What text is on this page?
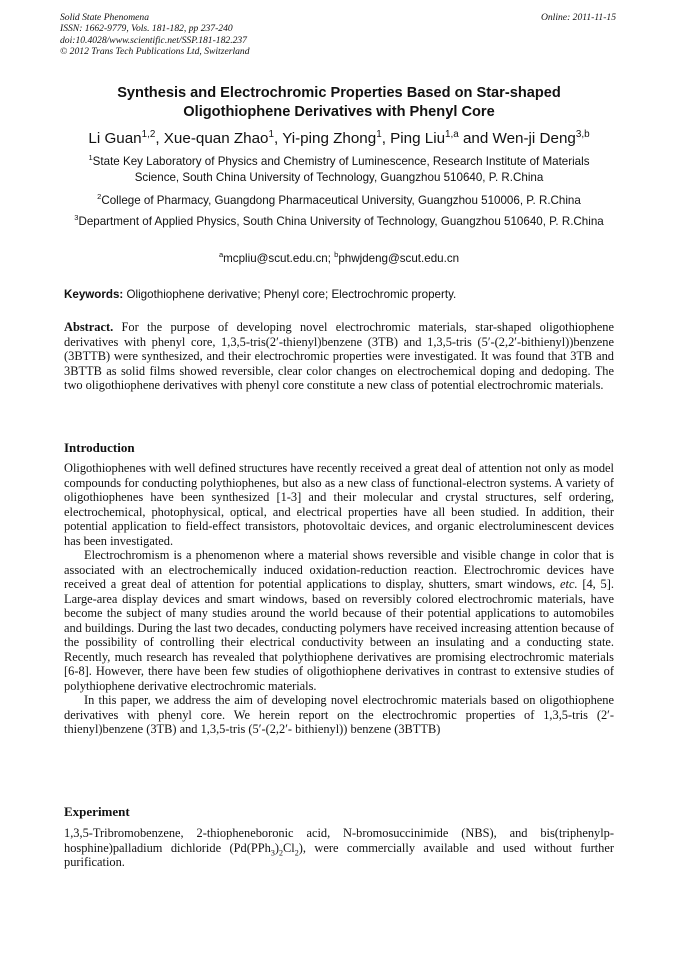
Solid State Phenomena
ISSN: 1662-9779, Vols. 181-182, pp 237-240
doi:10.4028/www.scientific.net/SSP.181-182.237
© 2012 Trans Tech Publications Ltd, Switzerland
Online: 2011-11-15
Synthesis and Electrochromic Properties Based on Star-shaped
Oligothiophene Derivatives with Phenyl Core
Li Guan$^{1,2}$, Xue-quan Zhao$^1$, Yi-ping Zhong$^1$, Ping Liu$^{1,a}$ and Wen-ji Deng$^{3,b}$
$^1$State Key Laboratory of Physics and Chemistry of Luminescence, Research Institute of Materials Science, South China University of Technology, Guangzhou 510640, P. R.China
$^2$College of Pharmacy, Guangdong Pharmaceutical University, Guangzhou 510006, P. R.China
$^3$Department of Applied Physics, South China University of Technology, Guangzhou 510640, P. R.China
$^a$mcpliu@scut.edu.cn; $^b$phwjdeng@scut.edu.cn
Keywords: Oligothiophene derivative; Phenyl core; Electrochromic property.

Abstract. For the purpose of developing novel electrochromic materials, star-shaped oligothiophene derivatives with phenyl core, 1,3,5-tris(2′-thienyl)benzene (3TB) and 1,3,5-tris (5′-(2,2′-bithienyl))benzene (3BTTB) were synthesized, and their electrochromic properties were investigated. It was found that 3TB and 3BTTB as solid films showed reversible, clear color changes on electrochemical doping and dedoping. The two oligothiophene derivatives with phenyl core constitute a new class of potential electrochromic materials.

Introduction

Oligothiophenes with well defined structures have recently received a great deal of attention not only as model compounds for conducting polythiophenes, but also as a new class of functional-electron systems. A variety of oligothiophenes have been synthesized [1-3] and their molecular and crystal structures, self ordering, electrochemical, photophysical, optical, and electrical properties have all been studied. In addition, their potential application to field-effect transistors, photovoltaic devices, and organic electroluminescent devices has been investigated.

Electrochromism is a phenomenon where a material shows reversible and visible change in color that is associated with an electrochemically induced oxidation-reduction reaction. Electrochromic devices have received a great deal of attention for potential applications to display, shutters, smart windows, etc. [4, 5]. Large-area display devices and smart windows, based on reversibly colored electrochromic materials, have become the subject of many studies around the world because of their potential applications to automobiles and buildings. During the last two decades, conducting polymers have received increasing attention because of the possibility of controlling their electrical conductivity between an insulating and a conducting state. Recently, much research has revealed that polythiophene derivatives are promising electrochromic materials [6-8]. However, there have been few studies of oligothiophene derivatives in contrast to extensive studies of polythiophene derivative electrochromic materials.

In this paper, we address the aim of developing novel electrochromic materials based on oligothiophene derivatives with phenyl core. We herein report on the electrochromic properties of 1,3,5-tris (2′-thienyl)benzene (3TB) and 1,3,5-tris (5′-(2,2′- bithienyl)) benzene (3BTTB)

Experiment

1,3,5-Tribromobenzene, 2-thiopheneboronic acid, N-bromosuccinimide (NBS), and bis(triphenylp-hosphine)palladium dichloride $(Pd(PPh_3)_2Cl_2)$, were commercially available and used without further purification.
